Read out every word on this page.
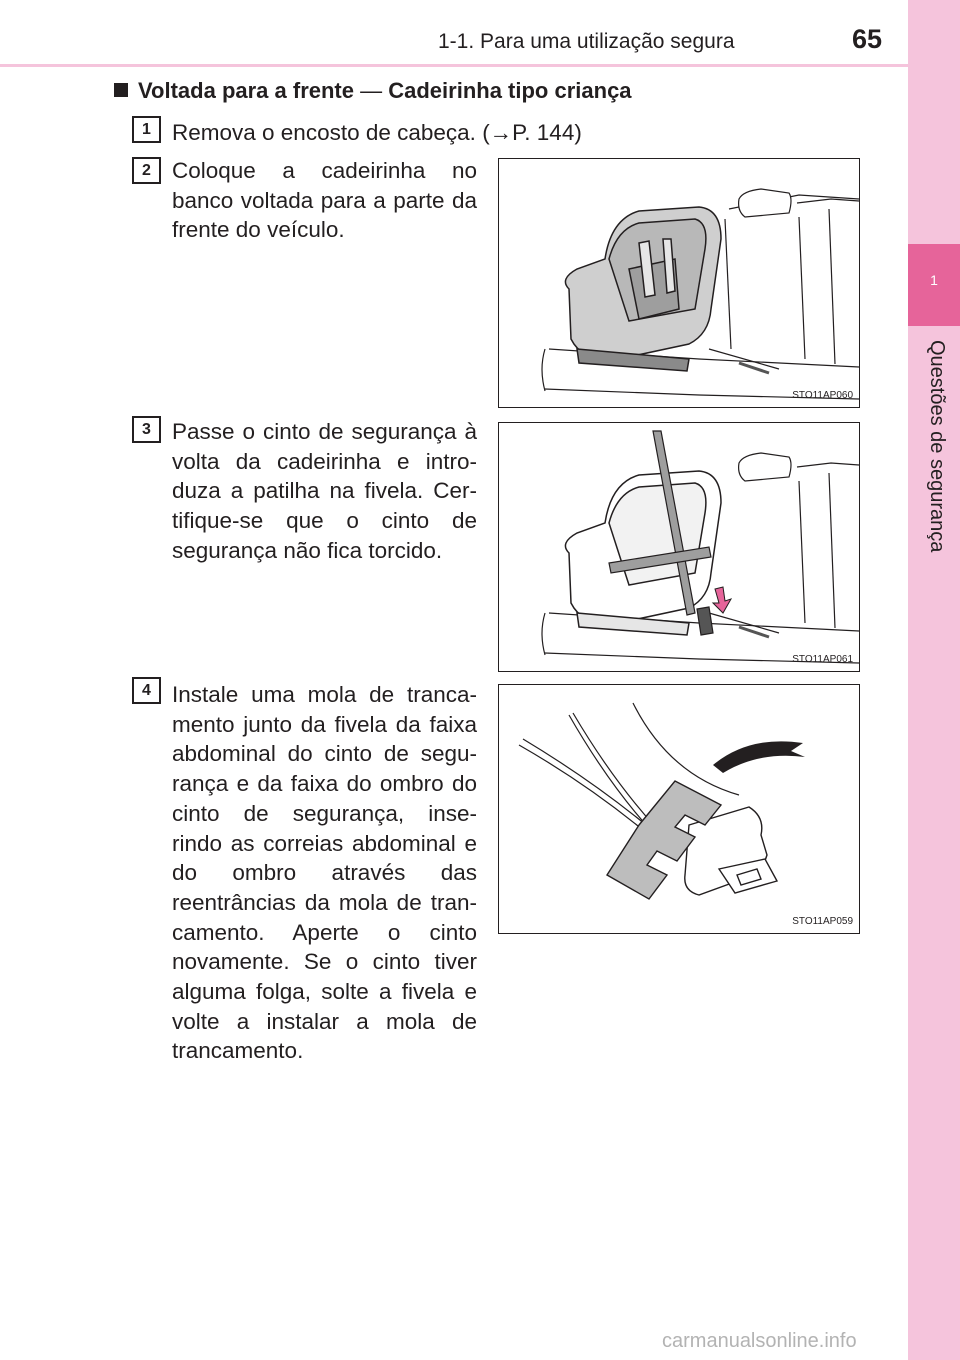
1
Questões de segurança
1-1. Para uma utilização segura	65
Voltada para a frente — Cadeirinha tipo criança
1 Remova o encosto de cabeça. (→P. 144)
2 Coloque a cadeirinha no banco voltada para a parte da frente do veículo.
STO11AP060
3 Passe o cinto de segurança à volta da cadeirinha e intro- duza a patilha na fivela. Cer- tifique-se que o cinto de segurança não fica torcido.
STO11AP061
4 Instale uma mola de tranca- mento junto da fivela da faixa abdominal do cinto de segu- rança e da faixa do ombro do cinto de segurança, inse- rindo as correias abdominal e do ombro através das reentrâncias da mola de tran- camento. Aperte o cinto novamente. Se o cinto tiver alguma folga, solte a fivela e volte a instalar a mola de trancamento.
STO11AP059
carmanualsonline.info
